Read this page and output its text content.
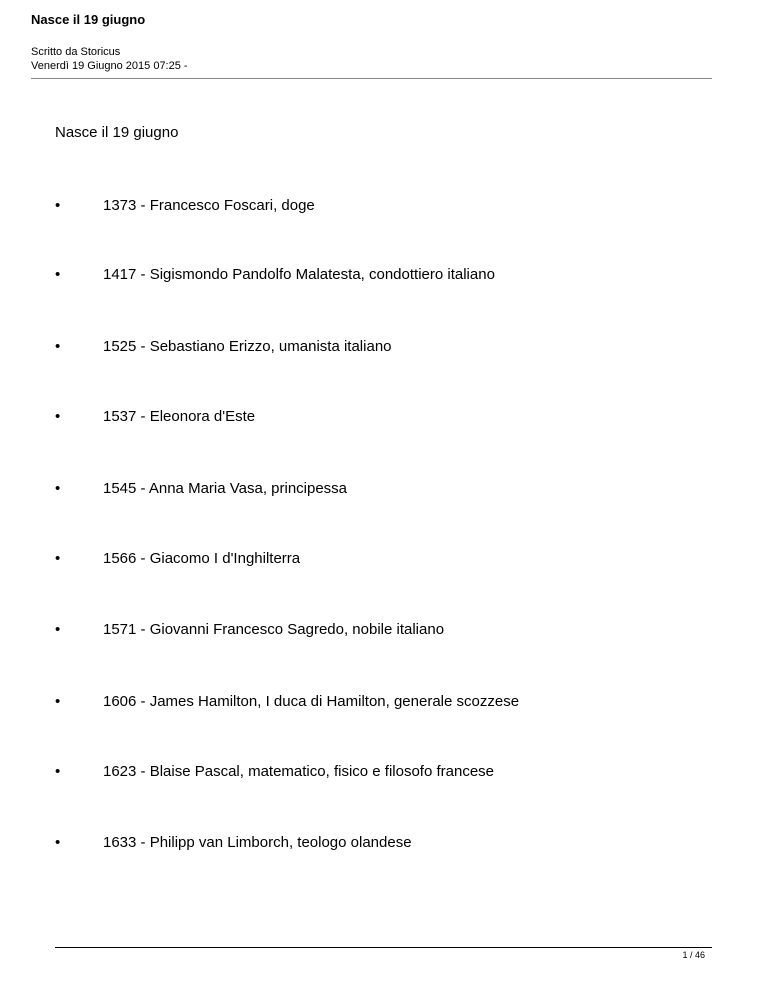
Nasce il 19 giugno
Scritto da Storicus
Venerdì 19 Giugno 2015 07:25 -
Nasce il 19 giugno
•	1373 - Francesco Foscari, doge
•	1417 - Sigismondo Pandolfo Malatesta, condottiero italiano
•	1525 - Sebastiano Erizzo, umanista italiano
•	1537 - Eleonora d'Este
•	1545 - Anna Maria Vasa, principessa
•	1566 - Giacomo I d'Inghilterra
•	1571 - Giovanni Francesco Sagredo, nobile italiano
•	1606 - James Hamilton, I duca di Hamilton, generale scozzese
•	1623 - Blaise Pascal, matematico, fisico e filosofo francese
•	1633 - Philipp van Limborch, teologo olandese
1 / 46
